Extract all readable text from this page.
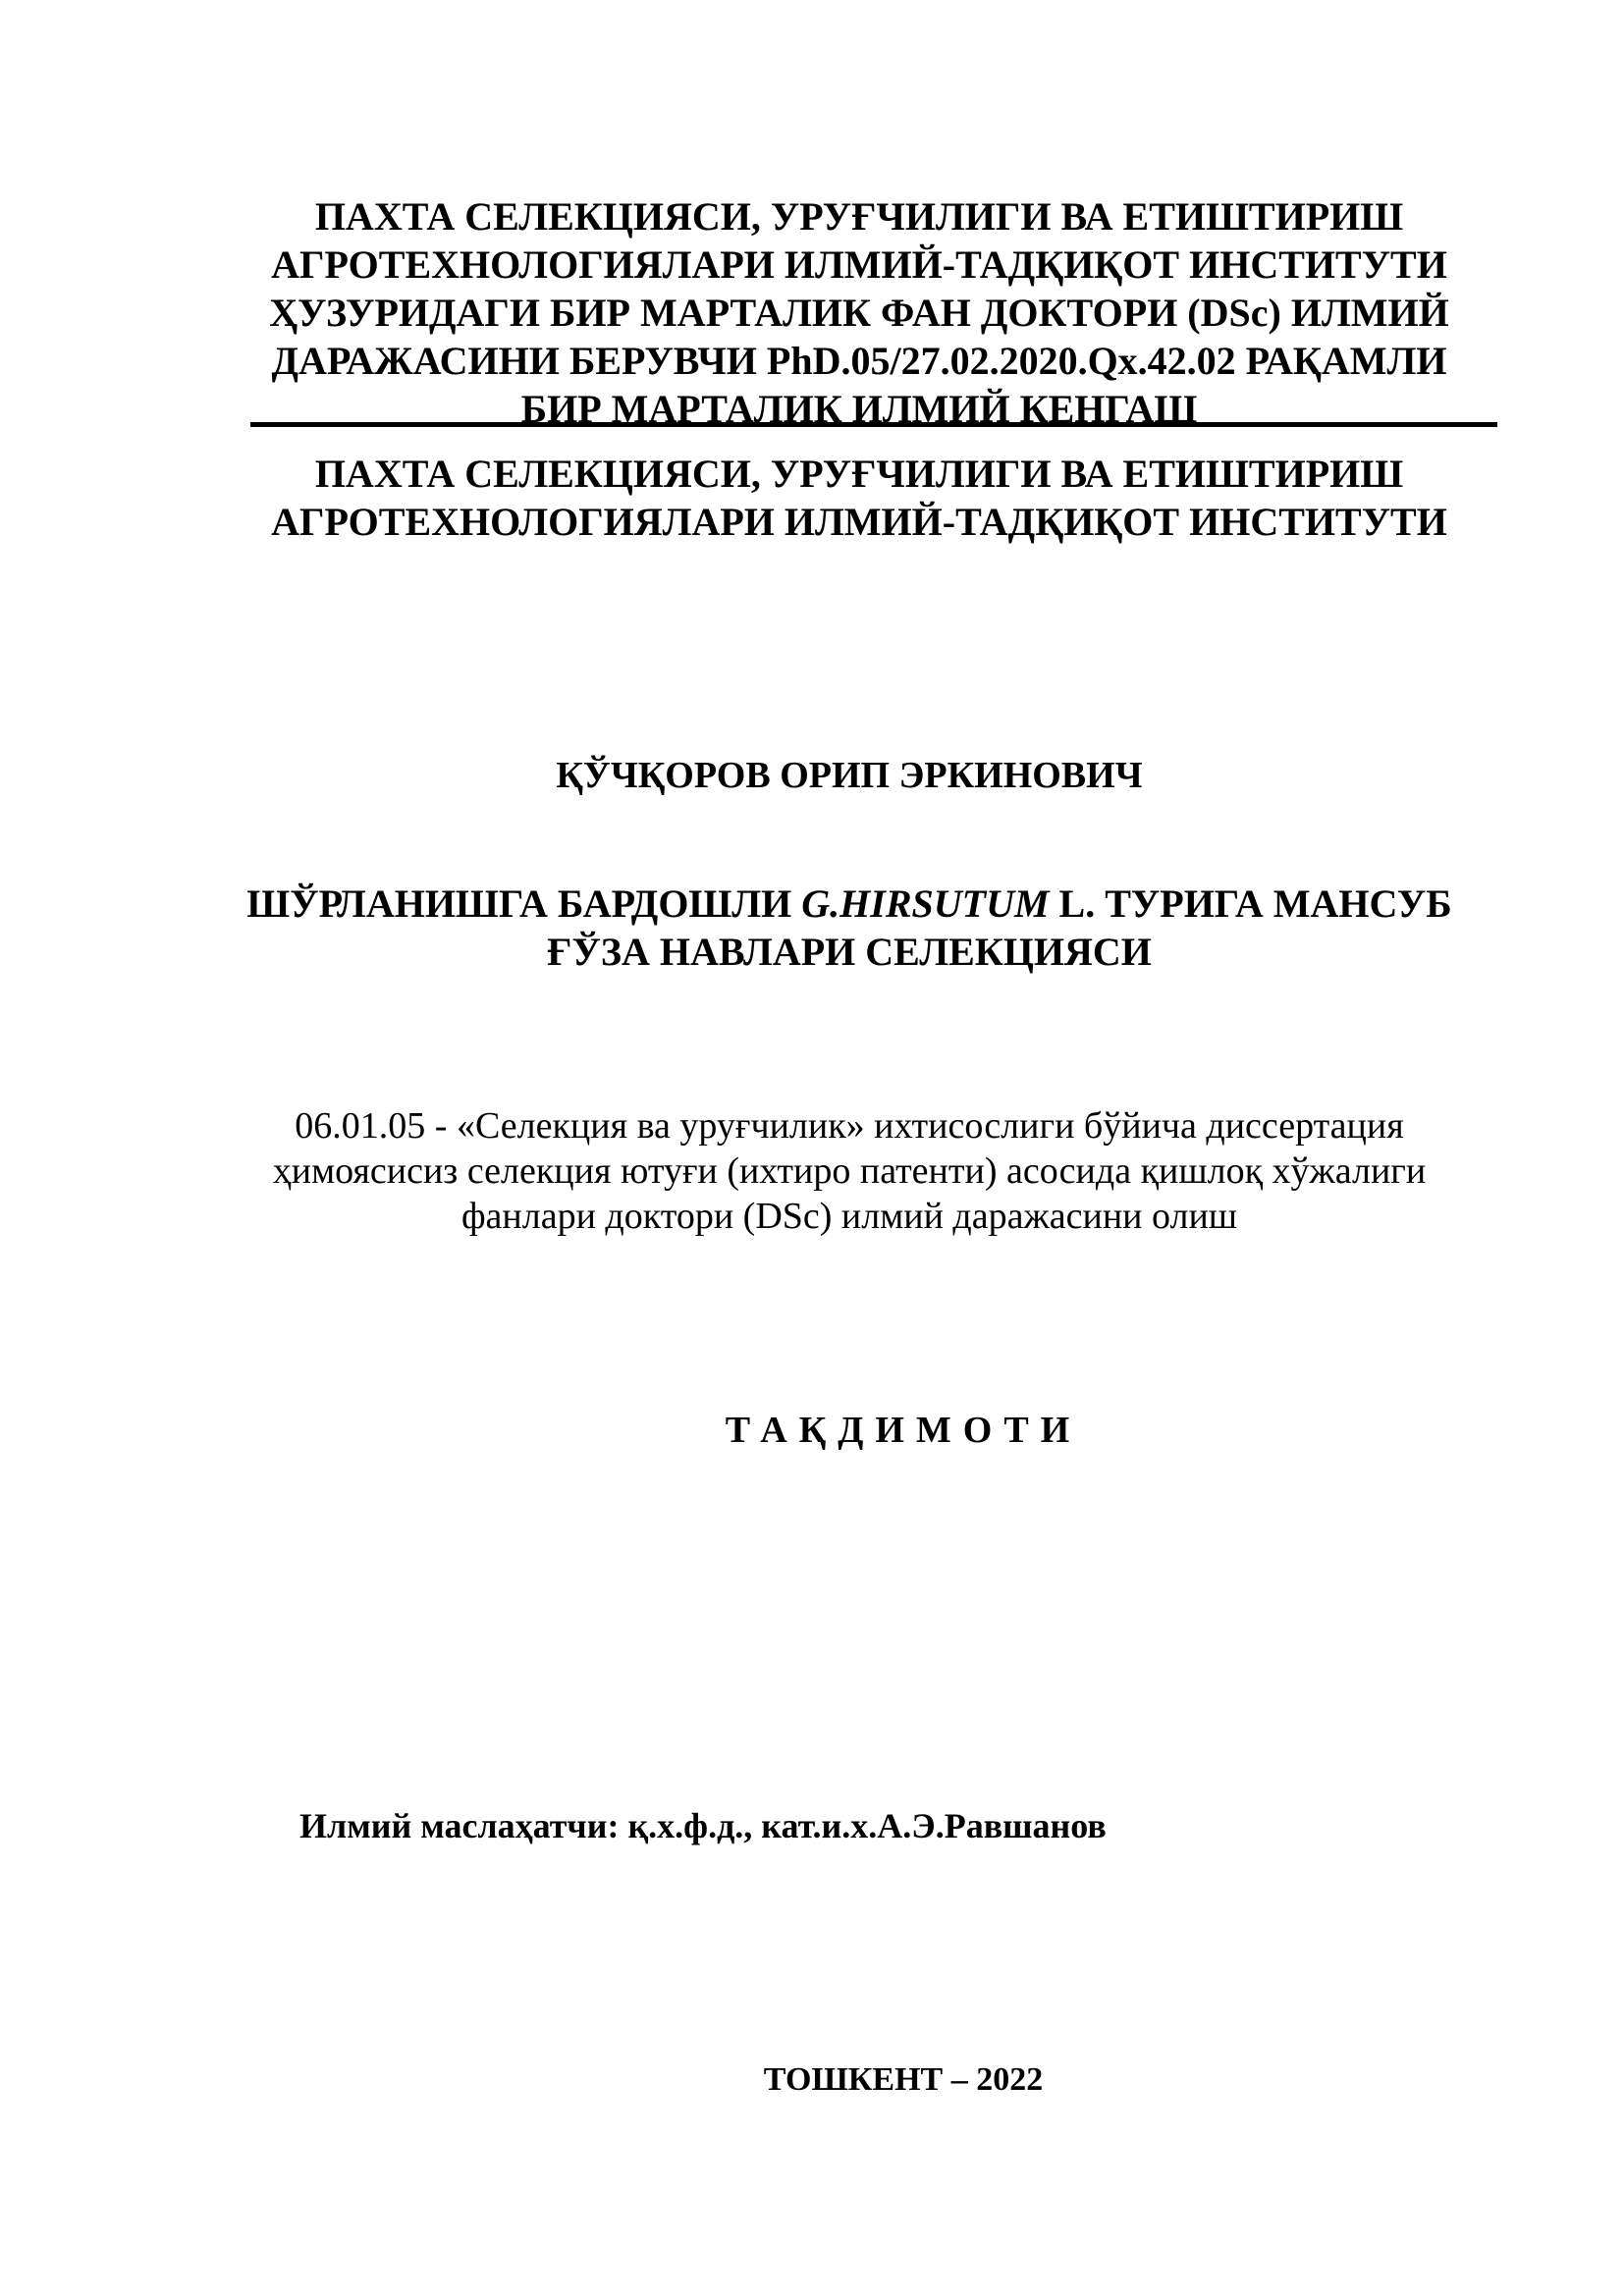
ПАХТА СЕЛЕКЦИЯСИ, УРУҒЧИЛИГИ ВА ЕТИШТИРИШ
АГРОТЕХНОЛОГИЯЛАРИ ИЛМИЙ-ТАДҚИҚОТ ИНСТИТУТИ
ҲУЗУРИДАГИ БИР МАРТАЛИК ФАН ДОКТОРИ (DSc) ИЛМИЙ
ДАРАЖАСИНИ БЕРУВЧИ PhD.05/27.02.2020.Qx.42.02 РАҚАМЛИ
БИР МАРТАЛИК ИЛМИЙ КЕНГАШ
ПАХТА СЕЛЕКЦИЯСИ, УРУҒЧИЛИГИ ВА ЕТИШТИРИШ
АГРОТЕХНОЛОГИЯЛАРИ ИЛМИЙ-ТАДҚИҚОТ ИНСТИТУТИ
ҚЎЧҚОРОВ ОРИП ЭРКИНОВИЧ
ШЎРЛАНИШГА БАРДОШЛИ G.HIRSUTUM L. ТУРИГА МАНСУБ
ҒЎЗА НАВЛАРИ СЕЛЕКЦИЯСИ
06.01.05 - «Селекция ва уруғчилик» ихтисослиги бўйича диссертация
ҳимоясисиз селекция ютуғи (ихтиро патенти) асосида қишлоқ хўжалиги
фанлари доктори (DSc) илмий даражасини олиш
ТАҚДИМОТИ
Илмий маслаҳатчи: қ.х.ф.д., кат.и.х.А.Э.Равшанов
ТОШКЕНТ – 2022
